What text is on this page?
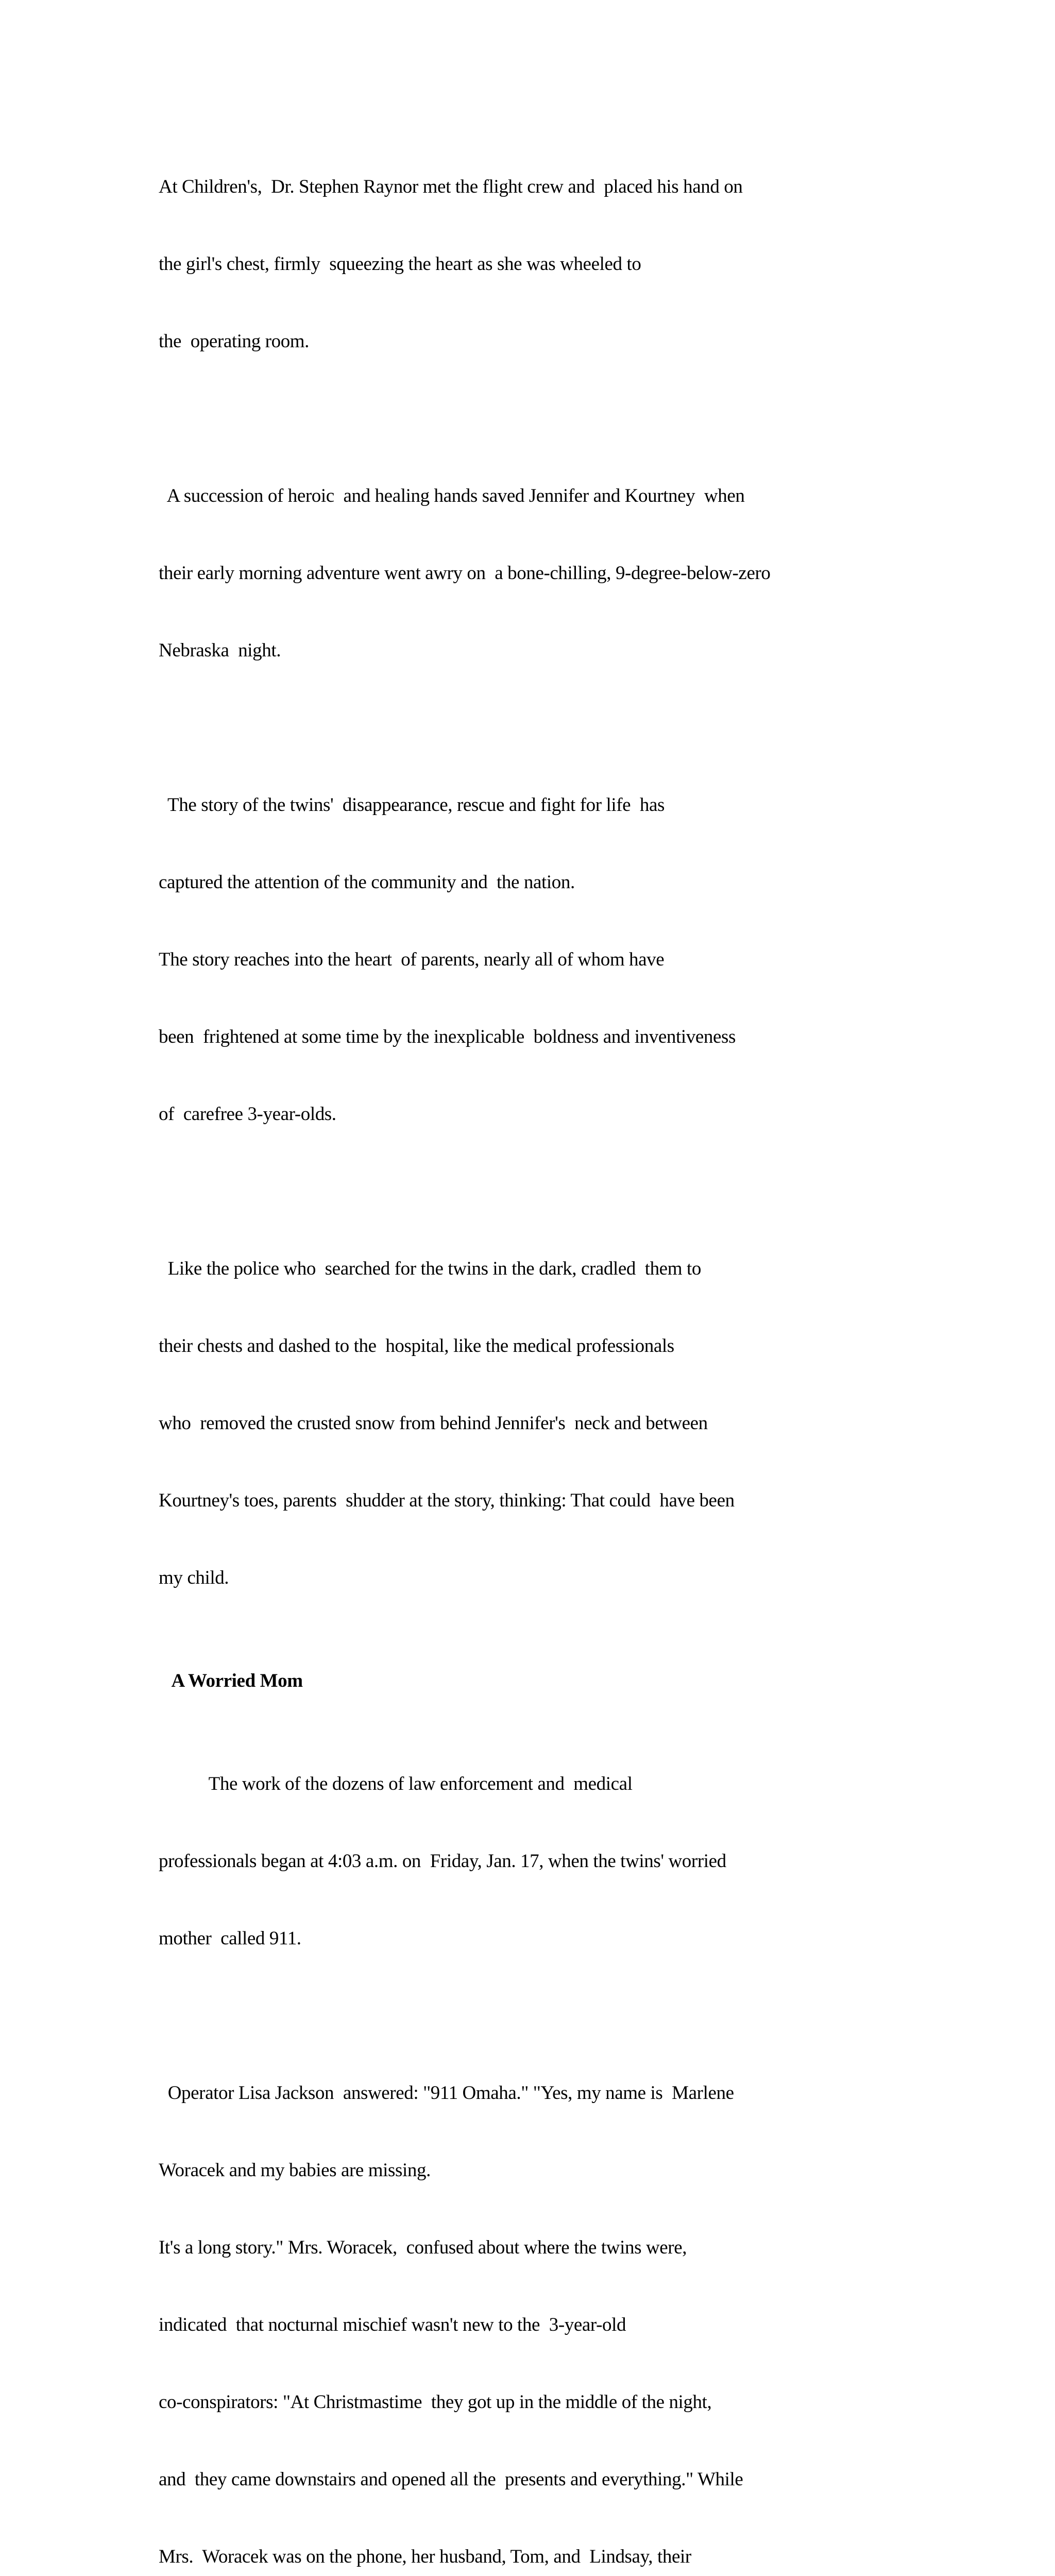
At Children's,  Dr. Stephen Raynor met the flight crew and  placed his hand on

the girl's chest, firmly  squeezing the heart as she was wheeled to

the  operating room.

A succession of heroic  and healing hands saved Jennifer and Kourtney  when

their early morning adventure went awry on  a bone-chilling, 9-degree-below-zero

Nebraska  night.

The story of the twins'  disappearance, rescue and fight for life  has

captured the attention of the community and  the nation.

The story reaches into the heart  of parents, nearly all of whom have

been  frightened at some time by the inexplicable  boldness and inventiveness

of  carefree 3-year-olds.

Like the police who  searched for the twins in the dark, cradled  them to

their chests and dashed to the  hospital, like the medical professionals

who  removed the crusted snow from behind Jennifer's  neck and between

Kourtney's toes, parents  shudder at the story, thinking: That could  have been

my child.

A Worried Mom

The work of the dozens of law enforcement and  medical

professionals began at 4:03 a.m. on  Friday, Jan. 17, when the twins' worried

mother  called 911.

Operator Lisa Jackson  answered: "911 Omaha." "Yes, my name is  Marlene

Woracek and my babies are missing.

It's a long story." Mrs. Woracek,  confused about where the twins were,

indicated  that nocturnal mischief wasn't new to the  3-year-old

co-conspirators: "At Christmastime  they got up in the middle of the night,

and  they came downstairs and opened all the  presents and everything." While

Mrs.  Woracek was on the phone, her husband, Tom, and  Lindsay, their
